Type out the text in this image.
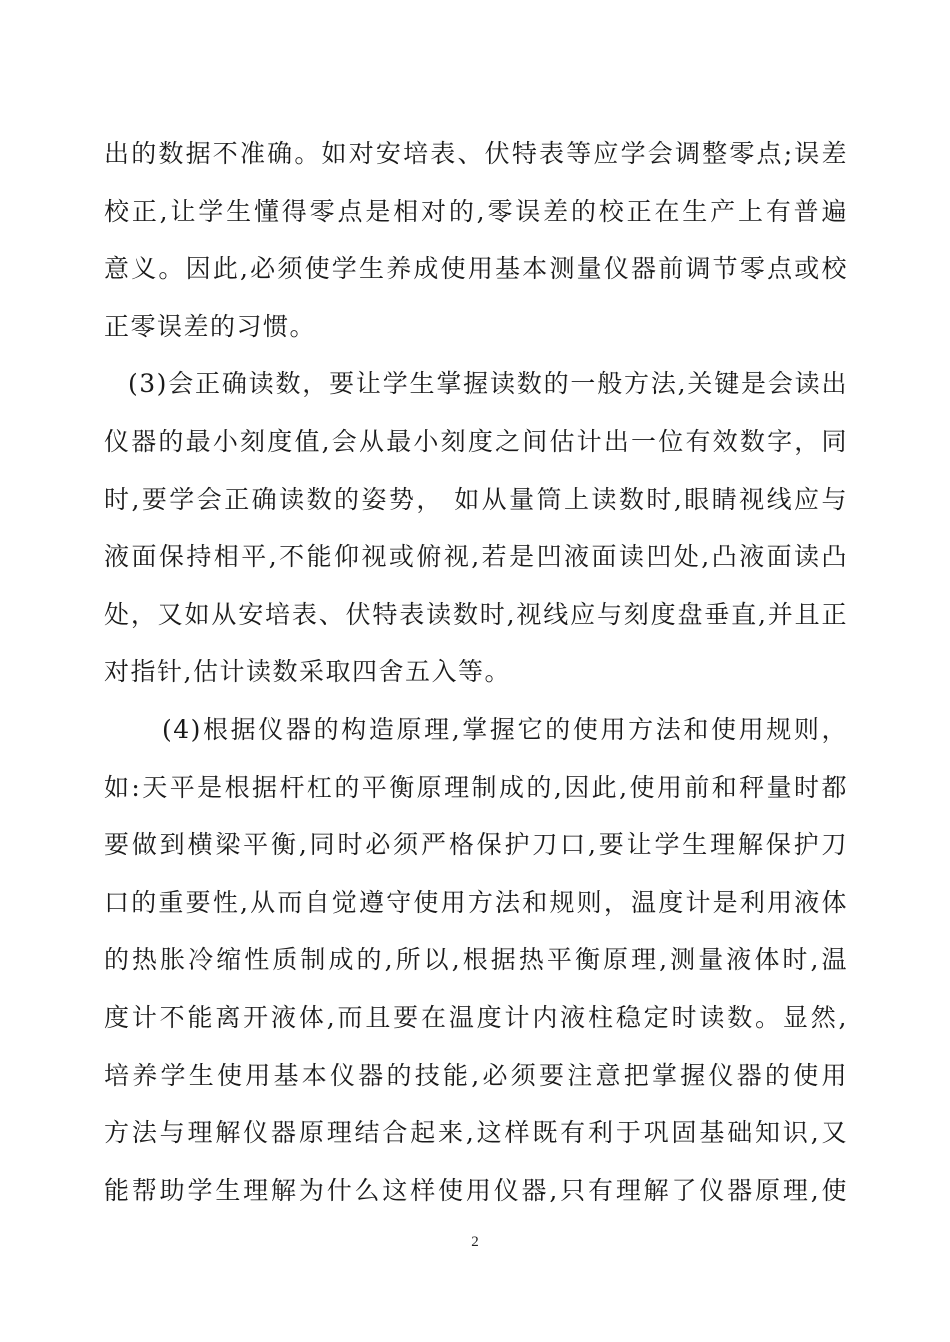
出的数据不准确。如对安培表、伏特表等应学会调整零点;误差
校正,让学生懂得零点是相对的,零误差的校正在生产上有普遍
意义。因此,必须使学生养成使用基本测量仪器前调节零点或校
正零误差的习惯。
(3)会正确读数，要让学生掌握读数的一般方法,关键是会读出
仪器的最小刻度值,会从最小刻度之间估计出一位有效数字，同
时,要学会正确读数的姿势， 如从量筒上读数时,眼睛视线应与
液面保持相平,不能仰视或俯视,若是凹液面读凹处,凸液面读凸
处，又如从安培表、伏特表读数时,视线应与刻度盘垂直,并且正
对指针,估计读数采取四舍五入等。
(4)根据仪器的构造原理,掌握它的使用方法和使用规则，
如:天平是根据杆杠的平衡原理制成的,因此,使用前和秤量时都
要做到横梁平衡,同时必须严格保护刀口,要让学生理解保护刀
口的重要性,从而自觉遵守使用方法和规则，温度计是利用液体
的热胀冷缩性质制成的,所以,根据热平衡原理,测量液体时,温
度计不能离开液体,而且要在温度计内液柱稳定时读数。显然,
培养学生使用基本仪器的技能,必须要注意把掌握仪器的使用
方法与理解仪器原理结合起来,这样既有利于巩固基础知识,又
能帮助学生理解为什么这样使用仪器,只有理解了仪器原理,使
2
